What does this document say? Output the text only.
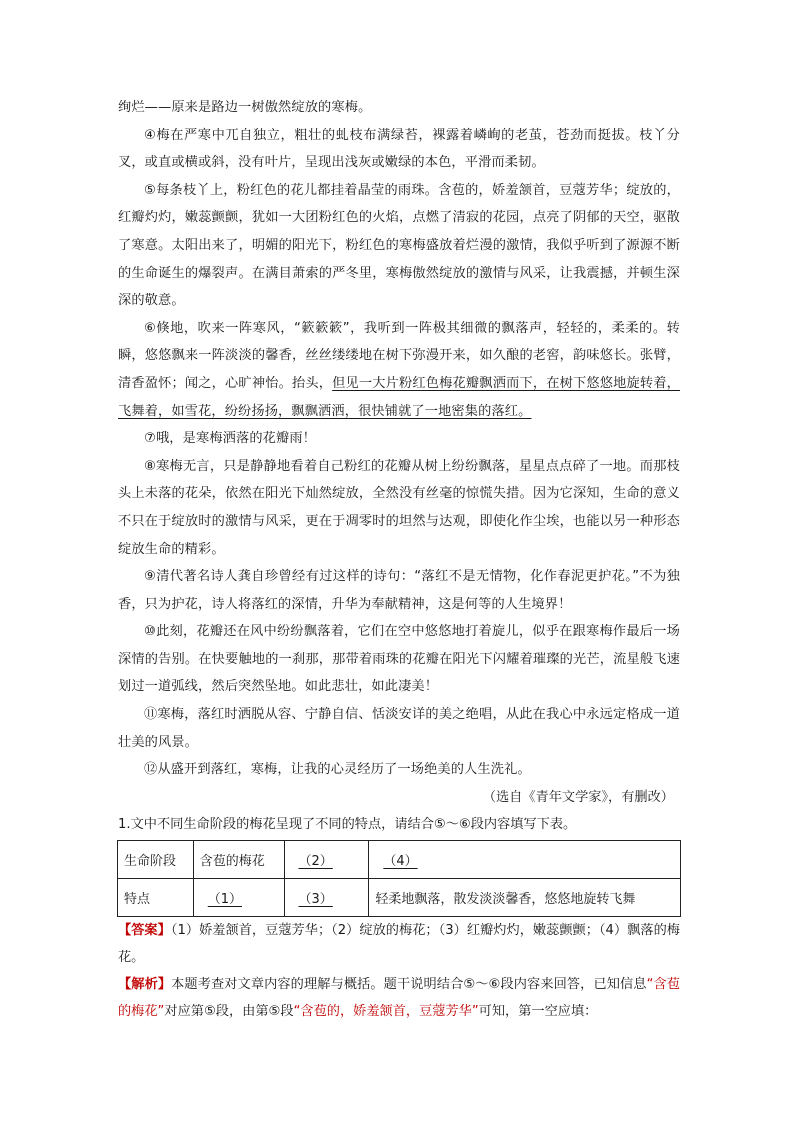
绚烂——原来是路边一树傲然绽放的寒梅。

④梅在严寒中兀自独立，粗壮的虬枝布满绿苔，裸露着嶙峋的老茧，苍劲而挺拔。枝丫分叉，或直或横或斜，没有叶片，呈现出浅灰或嫩绿的本色，平滑而柔韧。

⑤每条枝丫上，粉红色的花儿都挂着晶莹的雨珠。含苞的，娇羞颔首，豆蔻芳华；绽放的，红瓣灼灼，嫩蕊颤颤，犹如一大团粉红色的火焰，点燃了清寂的花园，点亮了阴郁的天空，驱散了寒意。太阳出来了，明媚的阳光下，粉红色的寒梅盛放着烂漫的激情，我似乎听到了源源不断的生命诞生的爆裂声。在满目萧索的严冬里，寒梅傲然绽放的激情与风采，让我震撼，并顿生深深的敬意。

⑥倏地，吹来一阵寒风，“簌簌簌”，我听到一阵极其细微的飘落声，轻轻的，柔柔的。转瞬，悠悠飘来一阵淡淡的馨香，丝丝缕缕地在树下弥漫开来，如久酿的老窖，韵味悠长。张臂，清香盈怀；闻之，心旷神怡。抬头，但见一大片粉红色梅花瓣飘洒而下，在树下悠悠地旋转着，飞舞着，如雪花，纷纷扬扬，飘飘洒洒，很快铺就了一地密集的落红。

⑦哦，是寒梅洒落的花瓣雨！

⑧寒梅无言，只是静静地看着自己粉红的花瓣从树上纷纷飘落，星星点点碎了一地。而那枝头上未落的花朵，依然在阳光下灿然绽放，全然没有丝毫的惊慌失措。因为它深知，生命的意义不只在于绽放时的激情与风采，更在于凋零时的坦然与达观，即使化作尘埃，也能以另一种形态绽放生命的精彩。

⑨清代著名诗人龚自珍曾经有过这样的诗句：“落红不是无情物，化作春泥更护花。”不为独香，只为护花，诗人将落红的深情，升华为奉献精神，这是何等的人生境界！

⑩此刻，花瓣还在风中纷纷飘落着，它们在空中悠悠地打着旋儿，似乎在跟寒梅作最后一场深情的告别。在快要触地的一刹那，那带着雨珠的花瓣在阳光下闪耀着璀璨的光芒，流星般飞速划过一道弧线，然后突然坠地。如此悲壮，如此凄美！

⑪寒梅，落红时洒脱从容、宁静自信、恬淡安详的美之绝唱，从此在我心中永远定格成一道壮美的风景。

⑫从盛开到落红，寒梅，让我的心灵经历了一场绝美的人生洗礼。

（选自《青年文学家》，有删改）

1.文中不同生命阶段的梅花呈现了不同的特点，请结合⑤～⑥段内容填写下表。

生命阶段	含苞的梅花	（2）	（4）
特点	（1）	（3）	轻柔地飘落，散发淡淡馨香，悠悠地旋转飞舞

【答案】（1）娇羞颔首，豆蔻芳华；（2）绽放的梅花；（3）红瓣灼灼，嫩蕊颤颤；（4）飘落的梅花。

【解析】本题考查对文章内容的理解与概括。题干说明结合⑤～⑥段内容来回答，已知信息“含苞的梅花”对应第⑤段，由第⑤段“含苞的，娇羞颔首，豆蔻芳华”可知，第一空应填：
